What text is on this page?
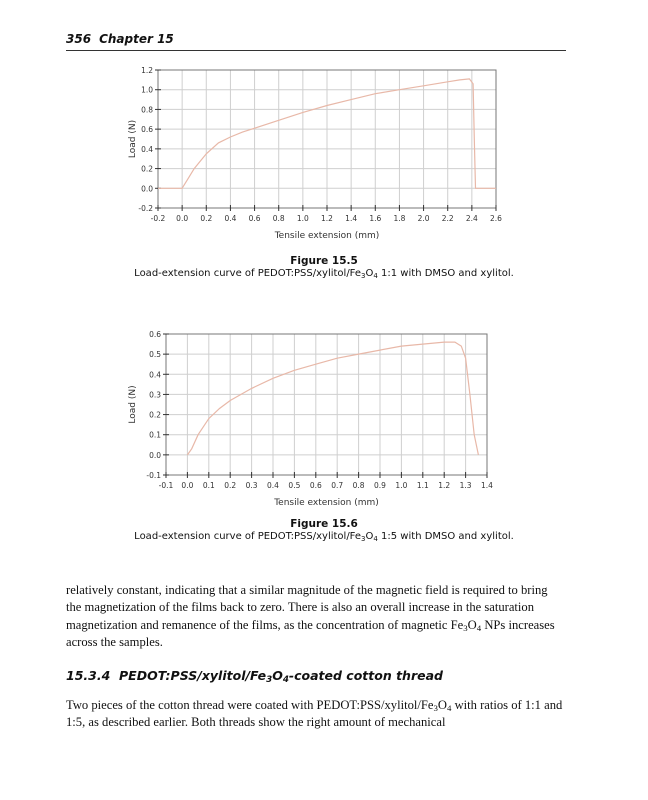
356 Chapter 15
-0.2 0.0 0.2 0.4 0.6 0.8 1.0 1.2 1.4 1.6 1.8 2.0 2.2 2.4 2.6
-0.2
0.0
0.2
0.4
0.6
0.8
1.0
1.2
Tensile extension (mm)
Load (N)
Figure 15.5
Load-extension curve of $PEDOT:PSS/xylitol/Fe_3O_4$ 1:1 with DMSO and xylitol.
-0.1 0.0 0.1 0.2 0.3 0.4 0.5 0.6 0.7 0.8 0.9 1.0 1.1 1.2 1.3 1.4
-0.1
0.0
0.1
0.2
0.3
0.4
0.5
0.6
Tensile extension (mm)
Load (N)
Figure 15.6
Load-extension curve of $PEDOT:PSS/xylitol/Fe_3O_4$ 1:5 with DMSO and xylitol.

relatively constant, indicating that a similar magnitude of the magnetic field is required to bring the magnetization of the films back to zero. There is also an overall increase in the saturation magnetization and remanence of the films, as the concentration of magnetic $Fe_3O_4$ NPs increases across the samples.

15.3.4 $PEDOT:PSS/xylitol/Fe_3O_4$-coated cotton thread

Two pieces of the cotton thread were coated with $PEDOT:PSS/xylitol/Fe_3O_4$ with ratios of 1:1 and 1:5, as described earlier. Both threads show the right amount of mechanical
